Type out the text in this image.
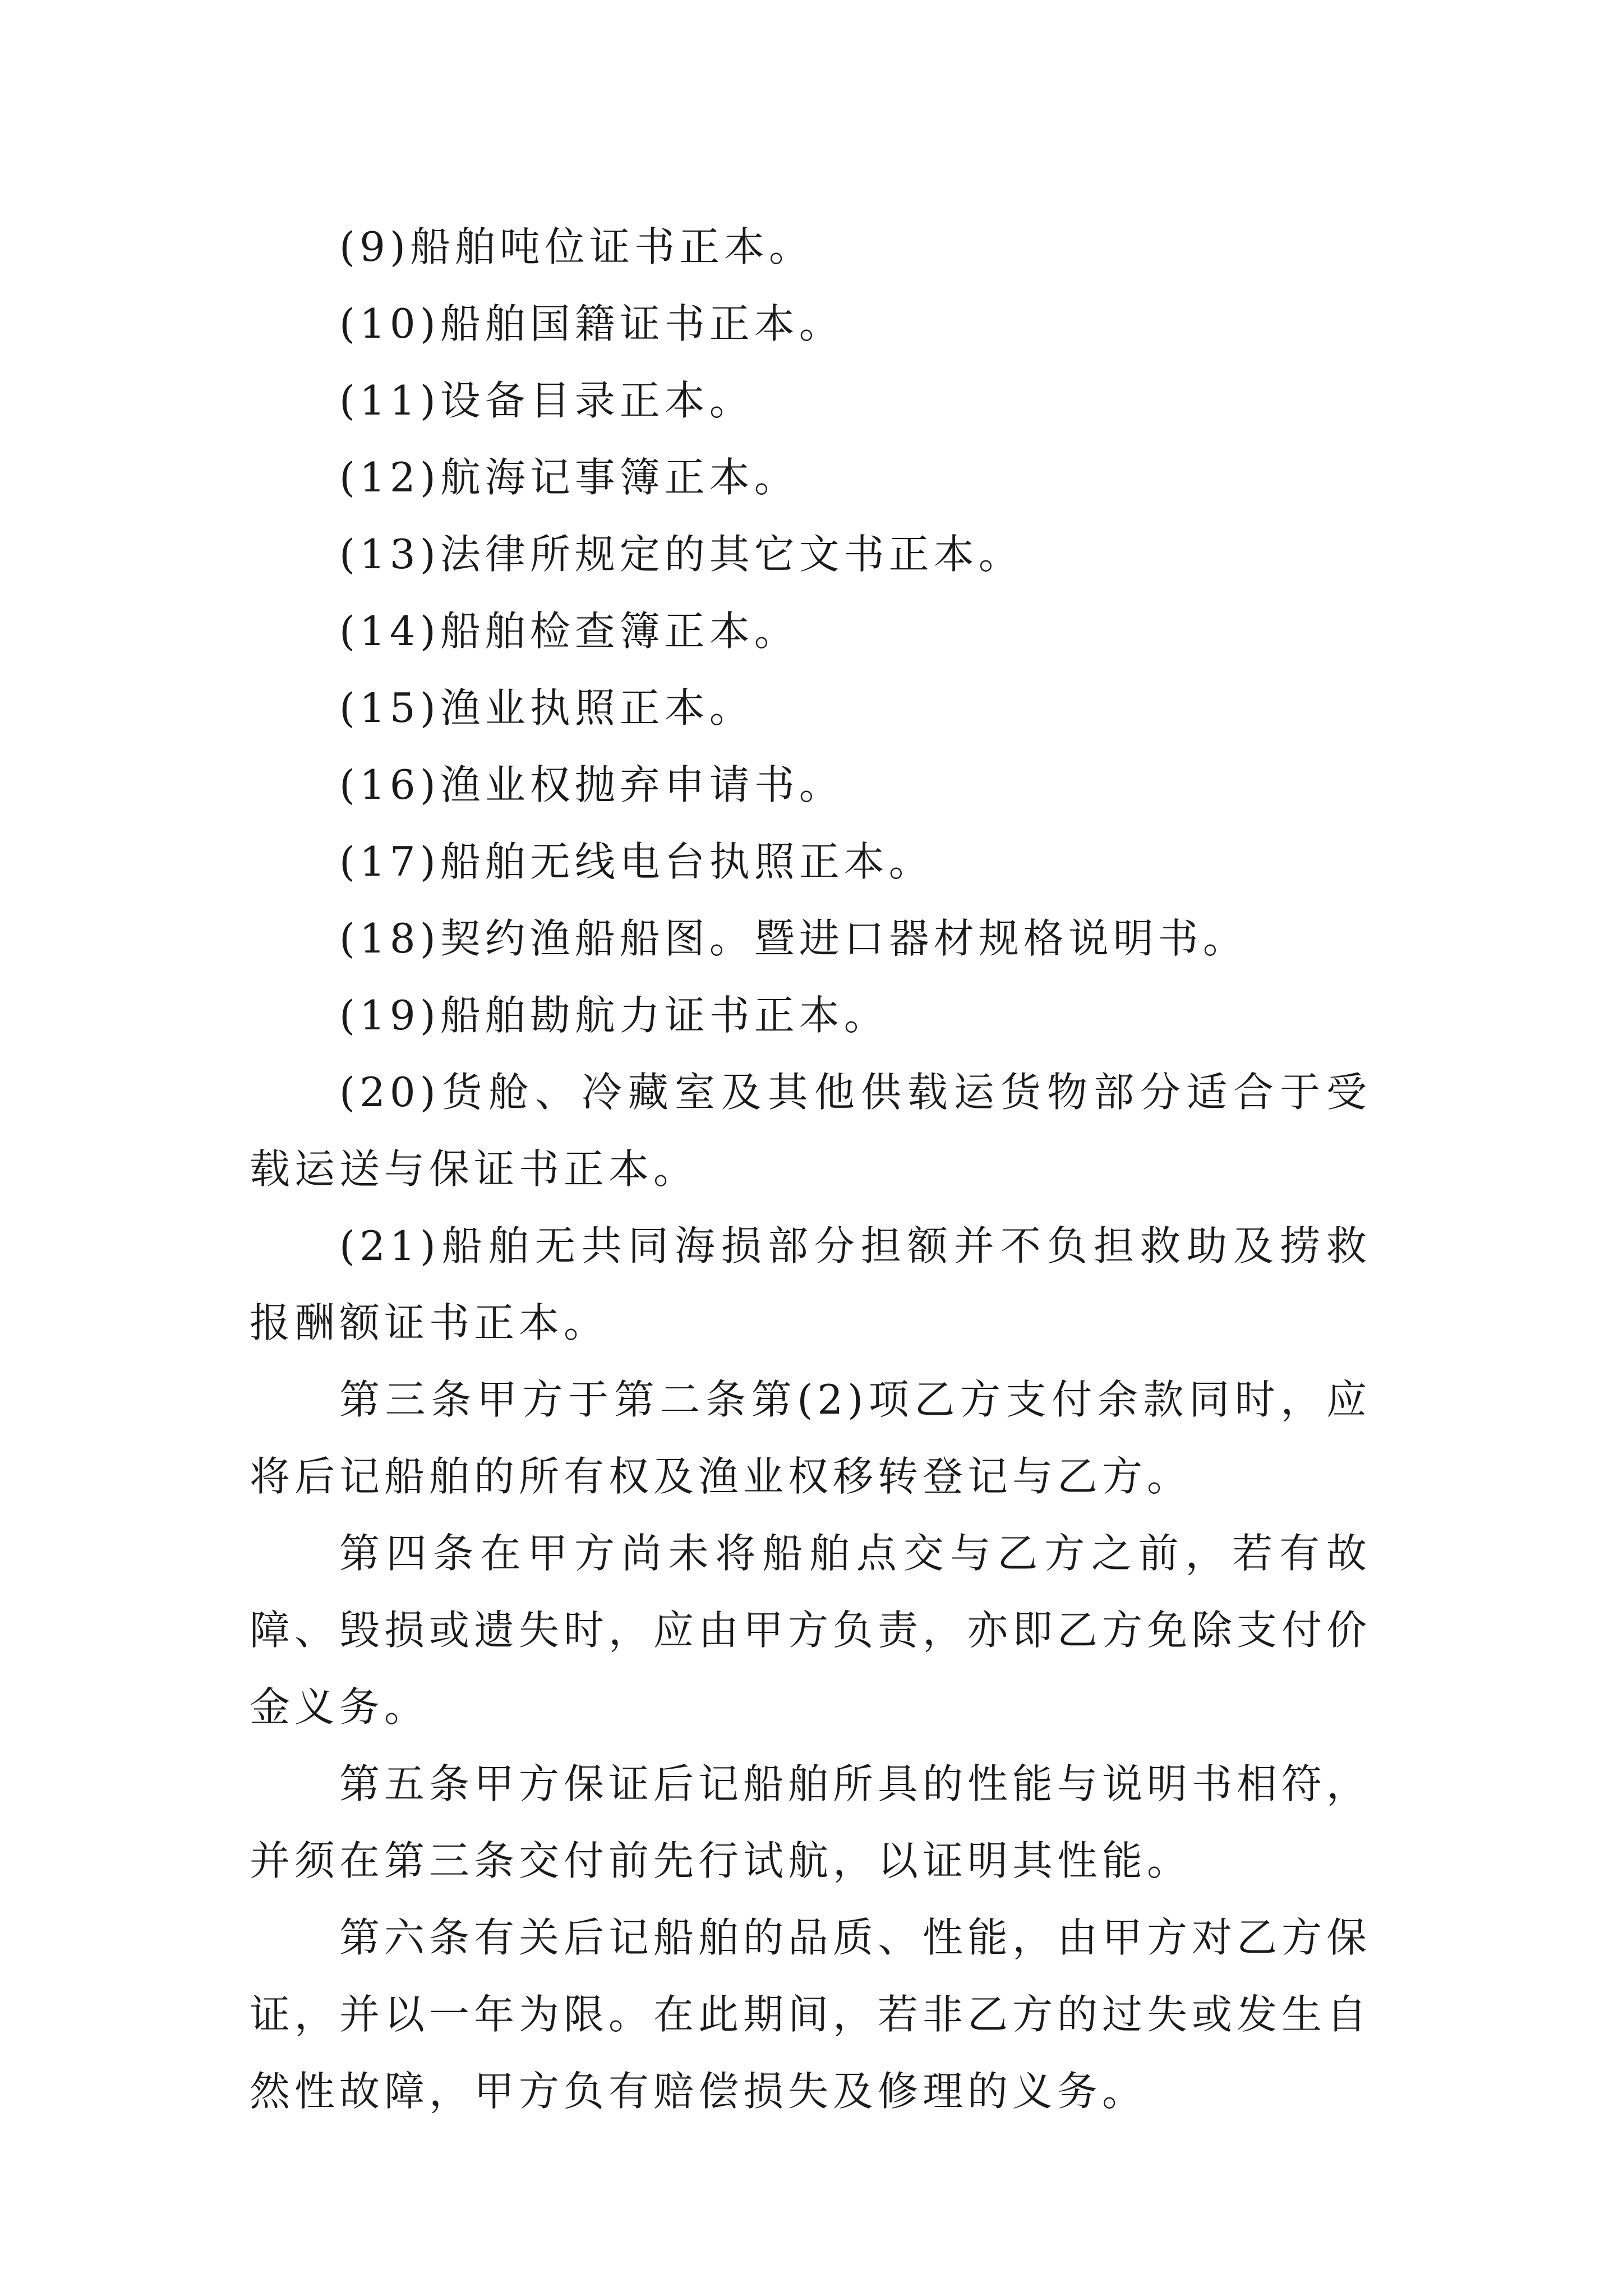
(9)船舶吨位证书正本。

(10)船舶国籍证书正本。

(11)设备目录正本。

(12)航海记事簿正本。

(13)法律所规定的其它文书正本。

(14)船舶检查簿正本。

(15)渔业执照正本。

(16)渔业权抛弃申请书。

(17)船舶无线电台执照正本。

(18)契约渔船船图。暨进口器材规格说明书。

(19)船舶勘航力证书正本。

(20)货舱、冷藏室及其他供载运货物部分适合于受载运送与保证书正本。

(21)船舶无共同海损部分担额并不负担救助及捞救报酬额证书正本。

第三条甲方于第二条第(2)项乙方支付余款同时，应将后记船舶的所有权及渔业权移转登记与乙方。

第四条在甲方尚未将船舶点交与乙方之前，若有故障、毁损或遗失时，应由甲方负责，亦即乙方免除支付价金义务。

第五条甲方保证后记船舶所具的性能与说明书相符，并须在第三条交付前先行试航，以证明其性能。

第六条有关后记船舶的品质、性能，由甲方对乙方保证，并以一年为限。在此期间，若非乙方的过失或发生自然性故障，甲方负有赔偿损失及修理的义务。
